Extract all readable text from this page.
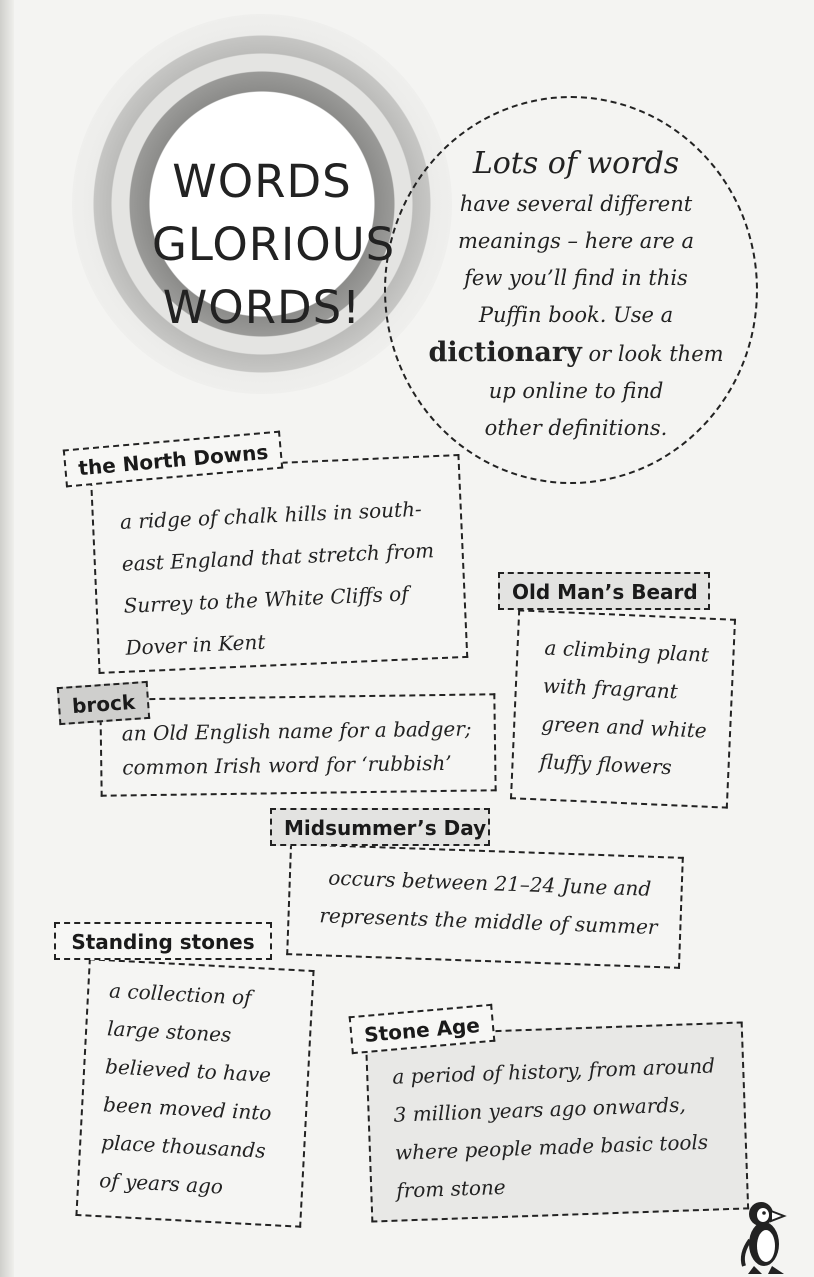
WORDS
GLORIOUS
WORDS!
Lots of words
have several different
meanings – here are a
few you’ll find in this
Puffin book. Use a
dictionary or look them
up online to find
other definitions.
a ridge of chalk hills in south-east England that stretch from Surrey to the White Cliffs of Dover in Kent
the North Downs
a climbing plant with fragrant green and white fluffy flowers
Old Man’s Beard
an Old English name for a badger; common Irish word for ‘rubbish’
brock
occurs between 21–24 June and represents the middle of summer
Midsummer’s Day
a collection of large stones believed to have been moved into place thousands of years ago
Standing stones
a period of history, from around 3 million years ago onwards, where people made basic tools from stone
Stone Age
